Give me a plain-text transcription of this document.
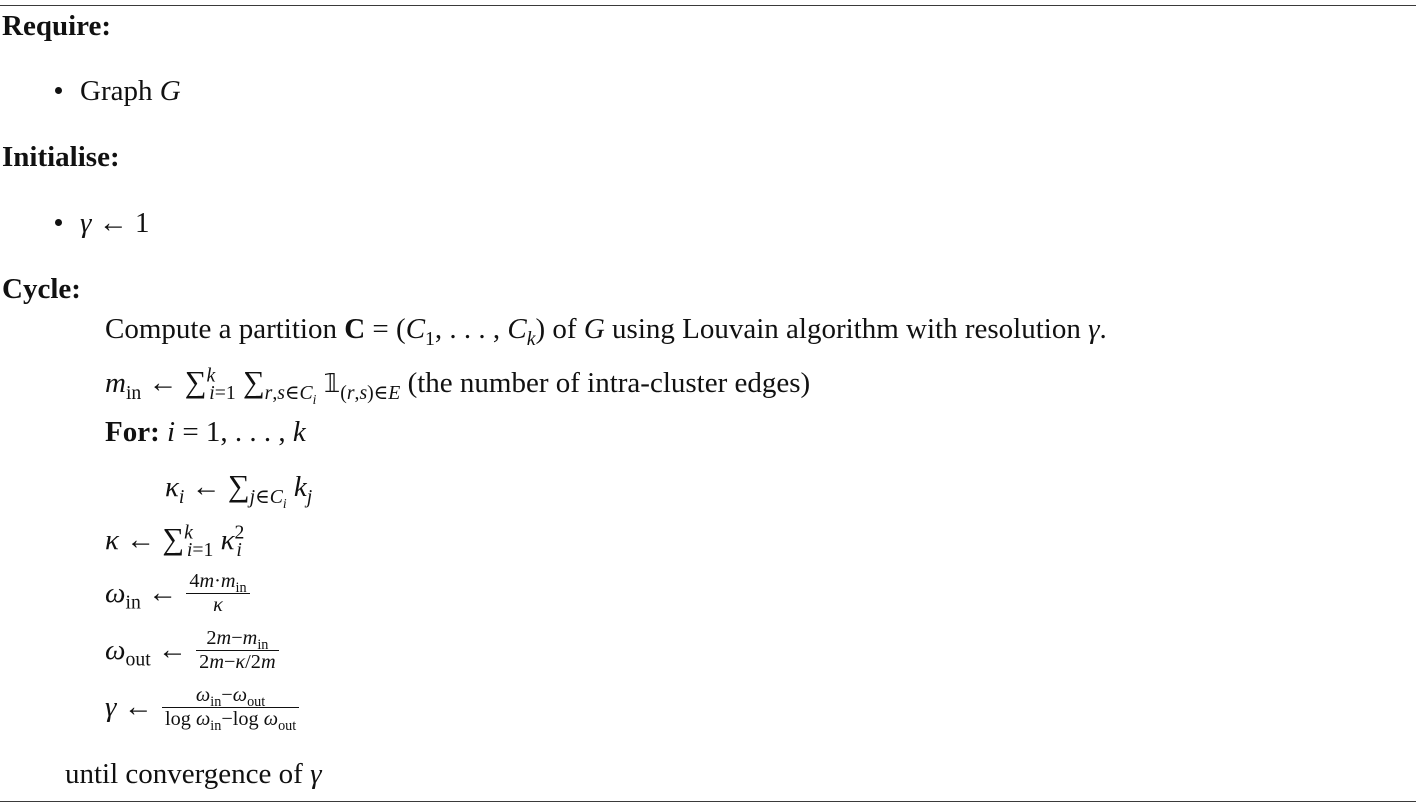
Require:
Graph G
Initialise:
γ ← 1
Cycle:
Compute a partition $C = (C_1$, . . . , $C_k$) of G using Louvain algorithm with resolution γ.
$m_{in}$ ← ∑$^k_{i=1}$ $\sum_{r,s\in C_i}$ $𝟙_{(r,s)\in E}$ (the number of intra-cluster edges)
For: i = 1, . . . , k
$\kappa_i$ ← $\sum_{j\in C_i}$ $k_j$
κ ← ∑$^k_{i=1}$ $\kappa^2_i$
$\omega_{in}$ ← $\frac{4m\cdot m_{in}}{\kappa}$
$\omega_{out}$ ← $\frac{2m-m_{in}}{2m-\kappa/2m}$
γ ← $\frac{\omega_{in}-\omega_{out}}{\log \omega_{in}-\log \omega_{out}}$
until convergence of γ
